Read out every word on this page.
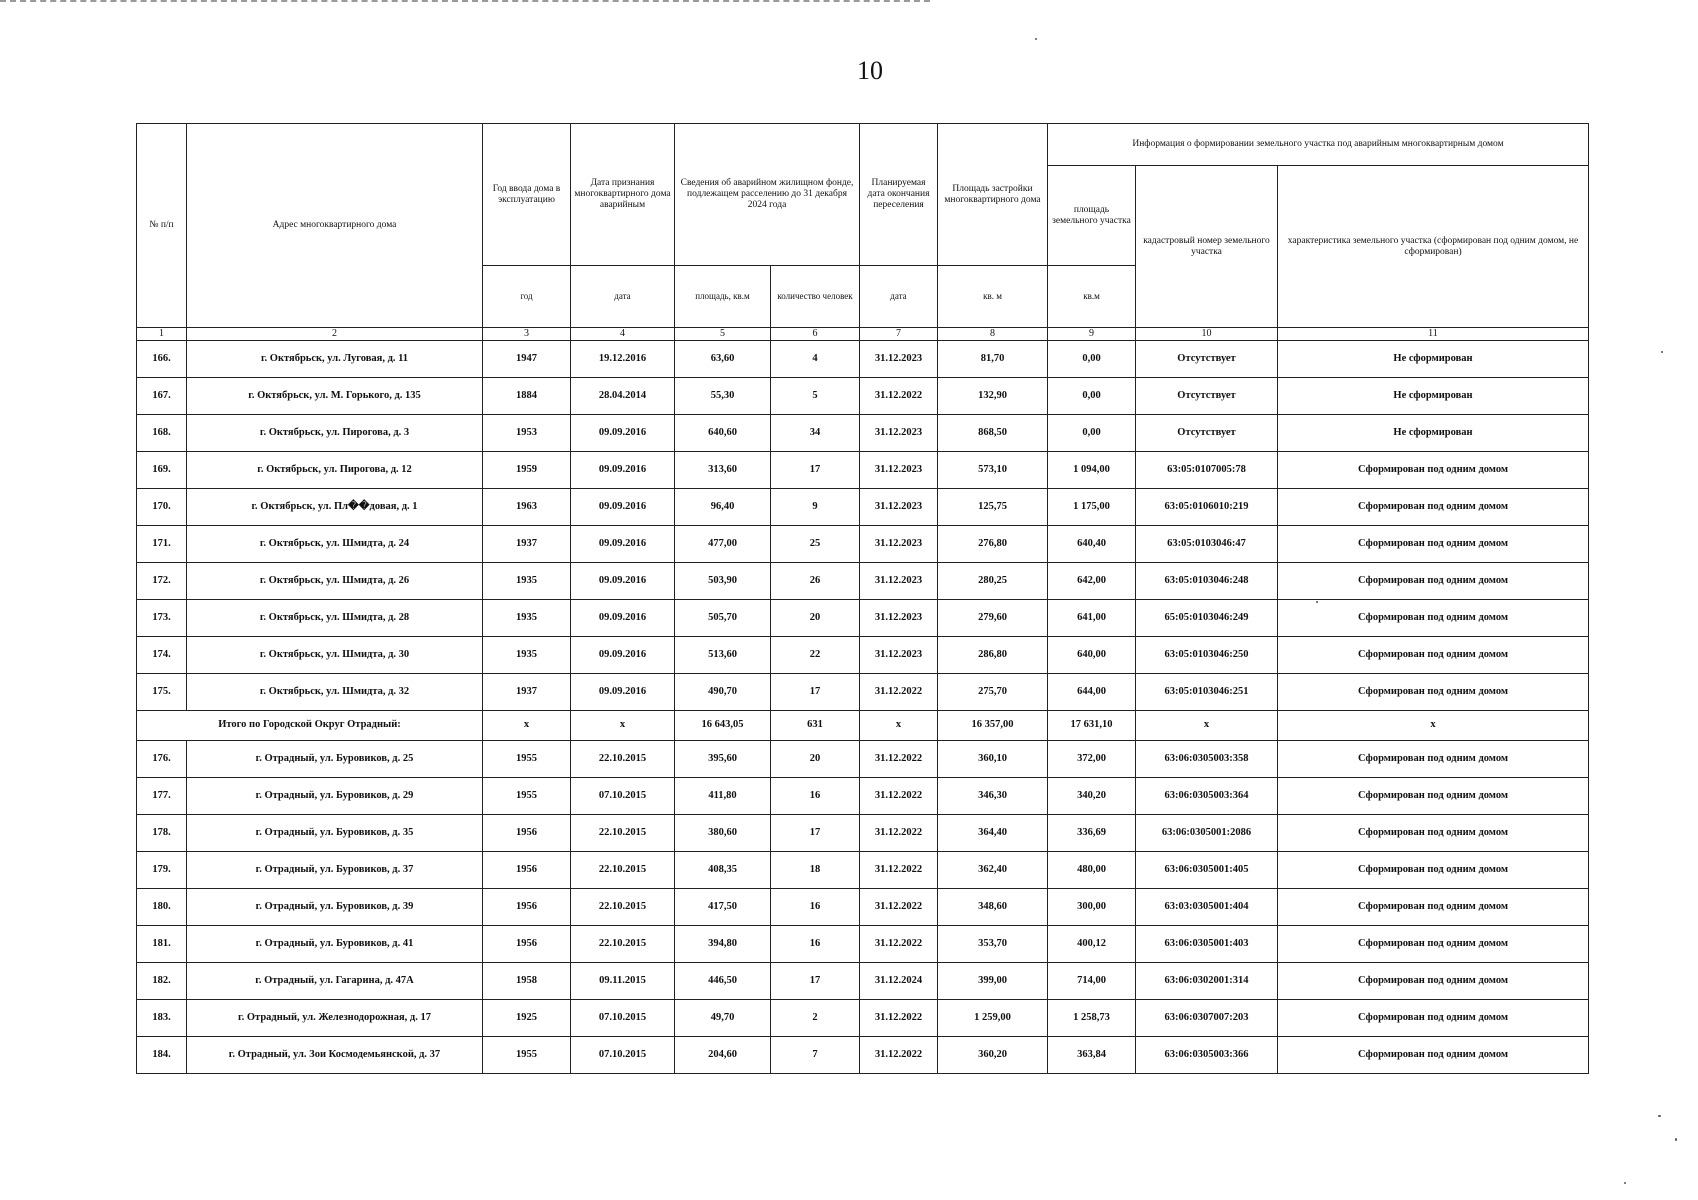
10
№ п/п	Адрес многоквартирного дома	Год ввода дома в эксплуатацию	Дата признания многоквартирного дома аварийным	Сведения об аварийном жилищном фонде, подлежащем расселению до 31 декабря 2024 года		Планируемая дата окончания переселения	Площадь застройки многоквартирного дома	Информация о формировании земельного участка под аварийным многоквартирным домом		
								площадь земельного участка	кадастровый номер земельного участка	характеристика земельного участка (сформирован под одним домом, не сформирован)
		год	дата	площадь, кв.м	количество человек	дата	кв. м	кв.м		
1	2	3	4	5	6	7	8	9	10	11
166.	г. Октябрьск, ул. Луговая, д. 11	1947	19.12.2016	63,60	4	31.12.2023	81,70	0,00	Отсутствует	Не сформирован
167.	г. Октябрьск, ул. М. Горького, д. 135	1884	28.04.2014	55,30	5	31.12.2022	132,90	0,00	Отсутствует	Не сформирован
168.	г. Октябрьск, ул. Пирогова, д. 3	1953	09.09.2016	640,60	34	31.12.2023	868,50	0,00	Отсутствует	Не сформирован
169.	г. Октябрьск, ул. Пирогова, д. 12	1959	09.09.2016	313,60	17	31.12.2023	573,10	1 094,00	63:05:0107005:78	Сформирован под одним домом
170.	г. Октябрьск, ул. Пл��довая, д. 1	1963	09.09.2016	96,40	9	31.12.2023	125,75	1 175,00	63:05:0106010:219	Сформирован под одним домом
171.	г. Октябрьск, ул. Шмидта, д. 24	1937	09.09.2016	477,00	25	31.12.2023	276,80	640,40	63:05:0103046:47	Сформирован под одним домом
172.	г. Октябрьск, ул. Шмидта, д. 26	1935	09.09.2016	503,90	26	31.12.2023	280,25	642,00	63:05:0103046:248	Сформирован под одним домом
173.	г. Октябрьск, ул. Шмидта, д. 28	1935	09.09.2016	505,70	20	31.12.2023	279,60	641,00	65:05:0103046:249	Сформирован под одним домом
174.	г. Октябрьск, ул. Шмидта, д. 30	1935	09.09.2016	513,60	22	31.12.2023	286,80	640,00	63:05:0103046:250	Сформирован под одним домом
175.	г. Октябрьск, ул. Шмидта, д. 32	1937	09.09.2016	490,70	17	31.12.2022	275,70	644,00	63:05:0103046:251	Сформирован под одним домом
Итого по Городской Округ Отрадный:		x	x	16 643,05	631	x	16 357,00	17 631,10	x	x
176.	г. Отрадный, ул. Буровиков, д. 25	1955	22.10.2015	395,60	20	31.12.2022	360,10	372,00	63:06:0305003:358	Сформирован под одним домом
177.	г. Отрадный, ул. Буровиков, д. 29	1955	07.10.2015	411,80	16	31.12.2022	346,30	340,20	63:06:0305003:364	Сформирован под одним домом
178.	г. Отрадный, ул. Буровиков, д. 35	1956	22.10.2015	380,60	17	31.12.2022	364,40	336,69	63:06:0305001:2086	Сформирован под одним домом
179.	г. Отрадный, ул. Буровиков, д. 37	1956	22.10.2015	408,35	18	31.12.2022	362,40	480,00	63:06:0305001:405	Сформирован под одним домом
180.	г. Отрадный, ул. Буровиков, д. 39	1956	22.10.2015	417,50	16	31.12.2022	348,60	300,00	63:03:0305001:404	Сформирован под одним домом
181.	г. Отрадный, ул. Буровиков, д. 41	1956	22.10.2015	394,80	16	31.12.2022	353,70	400,12	63:06:0305001:403	Сформирован под одним домом
182.	г. Отрадный, ул. Гагарина, д. 47А	1958	09.11.2015	446,50	17	31.12.2024	399,00	714,00	63:06:0302001:314	Сформирован под одним домом
183.	г. Отрадный, ул. Железнодорожная, д. 17	1925	07.10.2015	49,70	2	31.12.2022	1 259,00	1 258,73	63:06:0307007:203	Сформирован под одним домом
184.	г. Отрадный, ул. Зои Космодемьянской, д. 37	1955	07.10.2015	204,60	7	31.12.2022	360,20	363,84	63:06:0305003:366	Сформирован под одним домом
